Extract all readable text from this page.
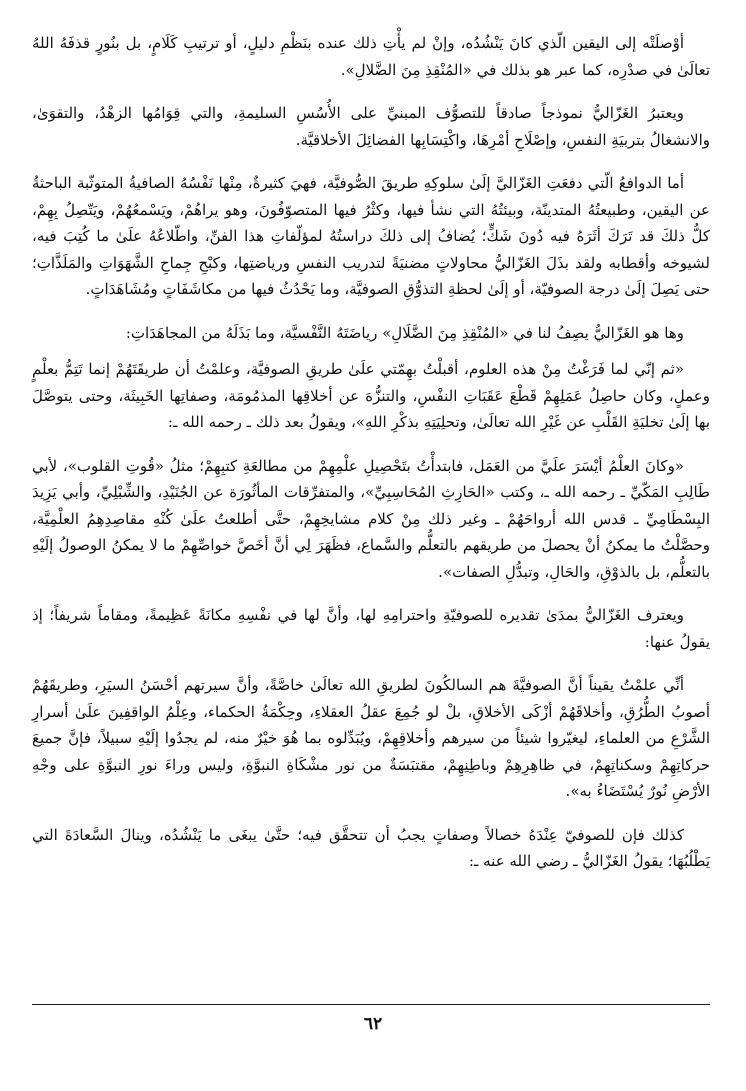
أوْصلَتْه إلى اليقين الّذي كانَ يَنْشُدُه، وإنْ لم يأْتِ ذلك عنده بنَظْمِ دليلٍ، أو ترتيبِ كَلَامٍ، بل بنُورٍ قذفَهُ اللهُ تعالَىٰ في صدْرِه، كما عبر هو بذلك في «المُنْقِذِ مِنَ الضَّلالِ».

ويعتبرُ الغَزّاليُّ نموذجاً صادقاً للتصوُّف المبنيِّ على الأُسُسِ السليمةِ، والتي قِوَامُها الزهْدُ، والتقوَىٰ، والانشغالُ بتربيَةِ النفسِ، وإصْلَاحِ أمْرِهَا، واكْتِسَابِها الفضائِلَ الأخلاقيَّة.

أما الدوافعُ الّتي دفعَتِ الغَزّاليَّ إلَىٰ سلوكِهِ طريقَ الصُّوفيَّة، فهيَ كثيرةٌ، مِنْها نَفْسُهُ الصافيةُ المتوثّبة الباحثةُ عن اليقين، وطبيعتُهُ المتدينّة، وبيئتُهُ التي نشأ فيها، وكثْرُ فيها المتصوّفُونَ، وهو يراهُمْ، ويَسْمعُهُمْ، ويَتّصِلُ بِهِمْ، كلُّ ذلكَ قد تَرَكَ أثَرَهُ فيه دُونَ شَكٍّ؛ يُضافُ إلى ذلكَ دراستُهُ لمؤلّفاتِ هذا الفنِّ، واطّلاعُهُ علَىٰ ما كُتِبَ فيه، لشيوخه وأقطابه ولقد بذَلَ الغَزّاليُّ محاولاتٍ مضنيَةً لتدريب النفسِ ورياضتِها، وكبْحِ جِماحِ الشَّهَوَاتِ والمَلَذَّاتِ؛ حتى يَصِلَ إلَىٰ درجة الصوفيّة، أو إلَىٰ لحظةِ التذوُّقِ الصوفيَّة، وما يَحْدُثُ فيها من مكاشَفَاتٍ ومُشَاهَدَاتٍ.

وها هو الغَزّاليُّ يصِفُ لنا في «المُنْقِذِ مِنَ الضَّلَالِ» رياضَتَهُ النَّفْسيَّة، وما بَذَلَهُ من المجاهَدَاتِ:

«ثم إنّي لما فَرَغْتُ مِنْ هذه العلوم، أقبلْتُ بهِمّتي علَىٰ طريقِ الصوفيَّة، وعلمْتُ أن طريقَتَهُمْ إنما تَتِمُّ بعلْمٍ وعملٍ، وكان حاصِلُ عَمَلِهِمْ قَطْعَ عَقَبَاتِ النفْسِ، والتنزُّهَ عن أخلاقِها المذمُومَة، وصفاتِها الخَبِيثَة، وحتى يتوصَّلَ بها إلَىٰ تخليَةِ القَلْبِ عن غَيْرِ الله تعالَىٰ، وتحلِيَتِهِ بذكْرِ اللهِ»، ويقولُ بعد ذلك ـ رحمه الله ـ:

«وكانَ العلْمُ أيْسَرَ علَيَّ من العَمَل، فابتدأْتُ بتَحْصِيلِ علْمِهِمْ من مطالعَةِ كتبِهِمْ؛ مثلُ «قُوتِ القلوب»، لأبي طَالِبِ المَكّيِّ ـ رحمه الله ـ، وكتب «الحَارِثِ المُحَاسِبِيِّ»، والمتفرِّقات المأثُورَة عن الجُنَيْدِ، والشِّبْلِيِّ، وأبي يَزِيدَ البِسْطَامِيِّ ـ قدس الله أرواحَهُمْ ـ وغير ذلك مِنْ كلام مشايخِهِمْ، حتَّى أطلعتُ علَىٰ كُنْهِ مقاصِدِهِمُ العلْمِيَّة، وحصَّلْتُ ما يمكنُ أنْ يحصلَ من طريقهم بالتعلُّم والسَّماع، فظَهَرَ لِي أنَّ أخَصَّ خواصِّهِمْ ما لا يمكنُ الوصولُ إلَيْهِ بالتعلُّم، بل بالذوْقِ، والحَالِ، وتبدُّلِ الصفات».

ويعترف الغَزّاليُّ بمدَىٰ تقديره للصوفيّةِ واحترامِهِ لها، وأنَّ لها في نفْسِهِ مكانَةً عَظِيمةً، ومقاماً شريفاً؛ إذ يقولُ عنها:

أنِّي علمْتُ يقيناً أنَّ الصوفيَّةَ هم السالكُونَ لطريقِ الله تعالَىٰ خاصَّةً، وأنَّ سيرتهم أحْسَنُ السيَرِ، وطريقَهُمْ أصوبُ الطُّرُقِ، وأخلاقَهُمْ أزْكَى الأخلاقِ، بلْ لو جُمِعَ عقلُ العقلاءِ، وحِكْمَةُ الحكماء، وعِلْمُ الواقفِينَ علَىٰ أسرارِ الشَّرْعِ من العلماءِ، ليغيّروا شيئاً من سيرهم وأخلاقِهِمْ، ويُبَدِّلوه بما هُوَ خيْرٌ منه، لم يجدُوا إلَيْهِ سبيلاً، فإنَّ جميعَ حركاتِهِمْ وسكناتِهِمْ، في ظاهِرِهِمْ وباطِنِهِمْ، مقتبَسَةٌ من نور مشْكَاةِ النبوَّةِ، وليس وراءَ نورِ النبوَّةِ على وجْهِ الأرْضِ نُورٌ يُسْتَضَاءُ به».

كذلك فإن للصوفيّ عِنْدَهُ خصالاً وصفاتٍ يجبُ أن تتحقَّق فيه؛ حتَّىٰ يبغَى ما يَنْشُدُه، وينالَ السَّعادَةَ التي يَطْلُبُهَا؛ يقولُ الغَزّاليُّ ـ رضي الله عنه ـ:

٦٢
